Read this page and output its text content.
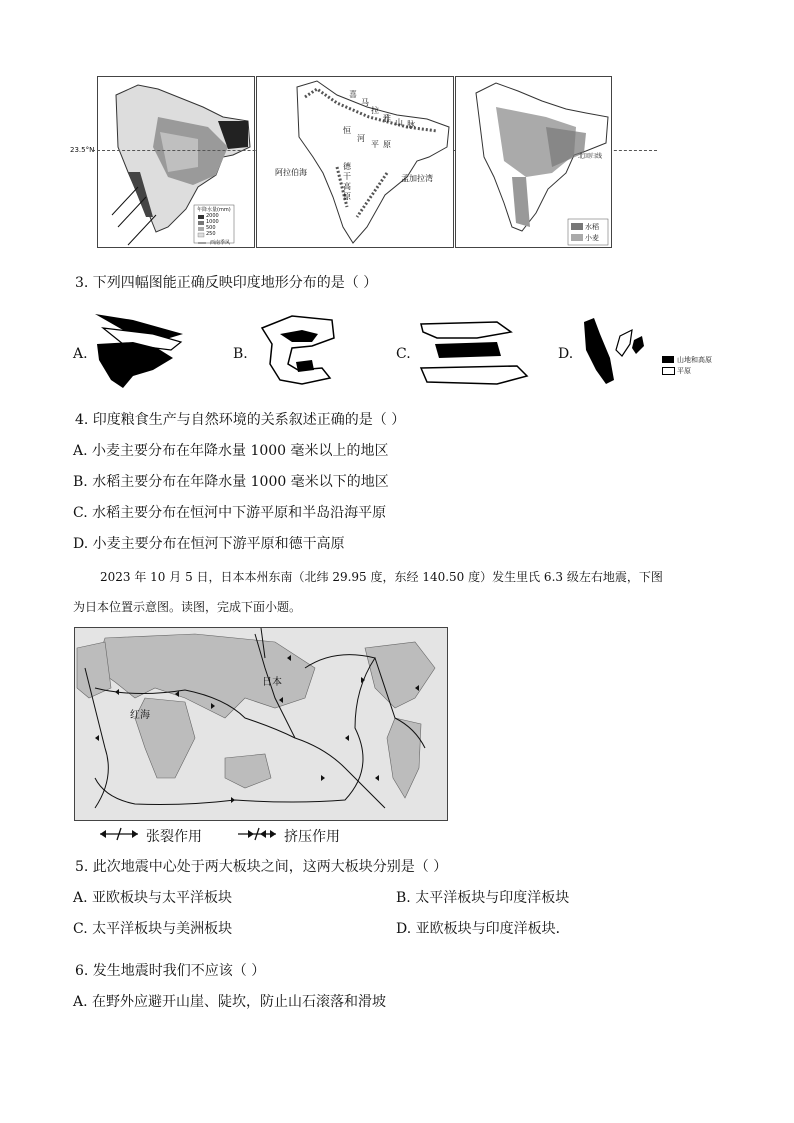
年降水量(mm)
2000
1000
500
250
西南季风
23.5°N
喜
马
拉
雅 山 脉
恒
河
平 原
德
干
高
原
阿拉伯海
孟加拉湾
北回归线
水稻
小麦
3. 下列四幅图能正确反映印度地形分布的是（ ）
A.	B.	C.	D.	山地和高原
平原
4. 印度粮食生产与自然环境的关系叙述正确的是（ ）
A. 小麦主要分布在年降水量 1000 毫米以上的地区
B. 水稻主要分布在年降水量 1000 毫米以下的地区
C. 水稻主要分布在恒河中下游平原和半岛沿海平原
D. 小麦主要分布在恒河下游平原和德干高原
2023 年 10 月 5 日，日本本州东南（北纬 29.95 度，东经 140.50 度）发生里氏 6.3 级左右地震，下图
为日本位置示意图。读图，完成下面小题。
日本
红海
张裂作用	挤压作用
5. 此次地震中心处于两大板块之间，这两大板块分别是（ ）
A. 亚欧板块与太平洋板块	B. 太平洋板块与印度洋板块
C. 太平洋板块与美洲板块	D. 亚欧板块与印度洋板块．
6. 发生地震时我们不应该（ ）
A. 在野外应避开山崖、陡坎，防止山石滚落和滑坡
